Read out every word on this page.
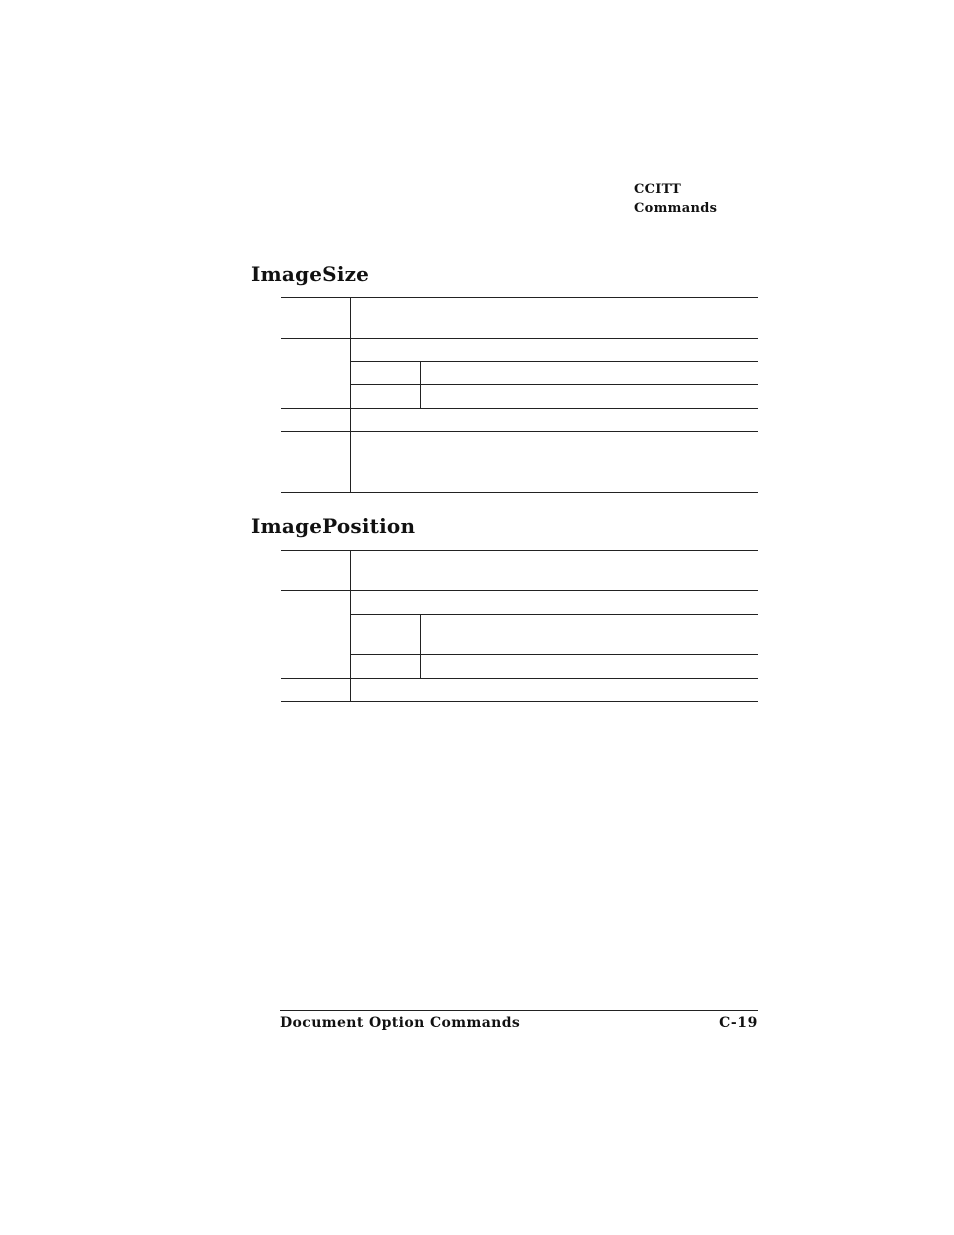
CCITT
Commands
ImageSize
ImagePosition
Document Option Commands	C-19
